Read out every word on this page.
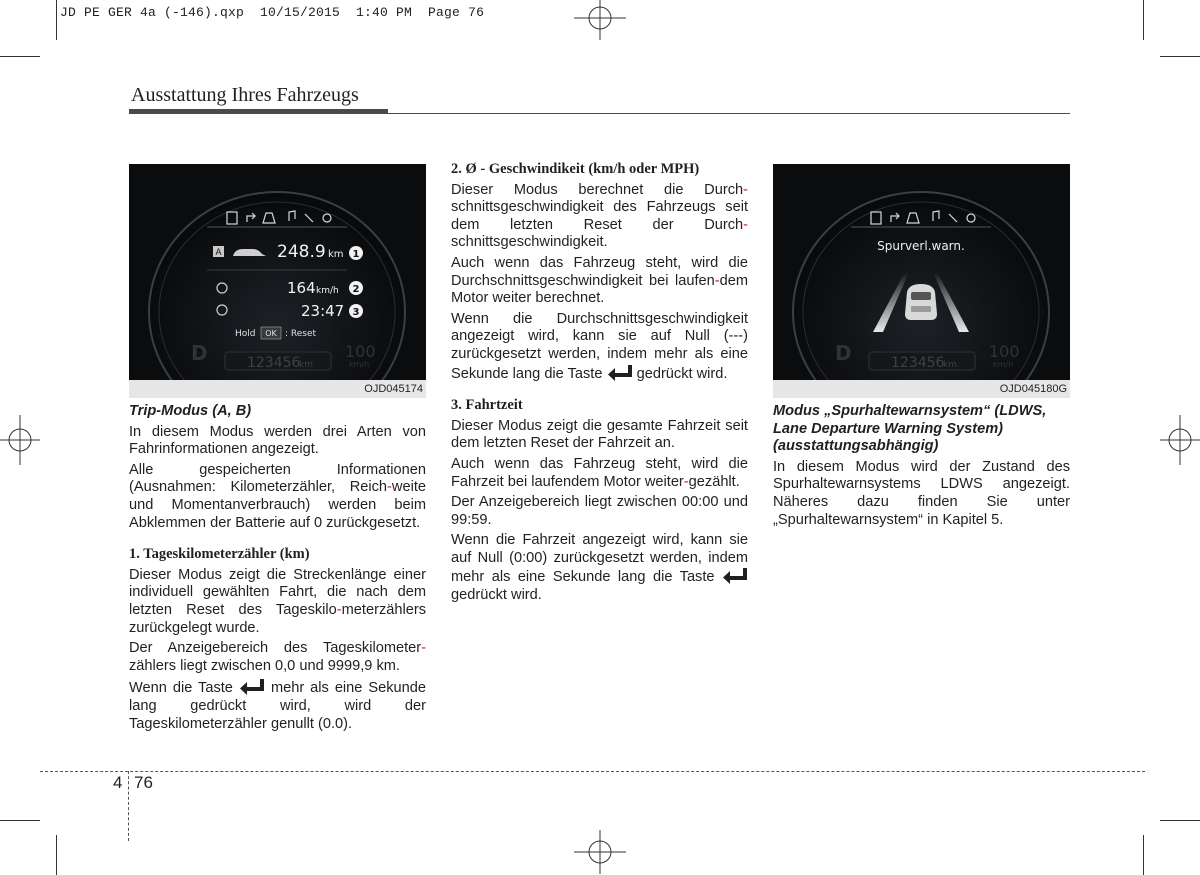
JD PE GER 4a (-146).qxp  10/15/2015  1:40 PM  Page 76
Ausstattung Ihres Fahrzeugs
A	248.9 km 1
164 km/h 2
23:47 3
Hold OK : Reset
D	123456
km
100
km/h
OJD045174
Spurverl.warn.
D	123456
km
100
km/h
OJD045180G

Trip-Modus (A, B)

In diesem Modus werden drei Arten von Fahrinformationen angezeigt.

Alle gespeicherten Informationen (Ausnahmen: Kilometerzähler, Reich-weite und Momentanverbrauch) werden beim Abklemmen der Batterie auf 0 zurückgesetzt.

1. Tageskilometerzähler (km)

Dieser Modus zeigt die Streckenlänge einer individuell gewählten Fahrt, die nach dem letzten Reset des Tageskilo-meterzählers zurückgelegt wurde.

Der Anzeigebereich des Tageskilometer-zählers liegt zwischen 0,0 und 9999,9 km.

Wenn die Taste	mehr als eine Sekunde lang gedrückt wird, wird der Tageskilometerzähler genullt (0.0).

2. Ø - Geschwindikeit (km/h oder MPH)

Dieser Modus berechnet die Durch-schnittsgeschwindigkeit des Fahrzeugs seit dem letzten Reset der Durch-schnittsgeschwindigkeit.

Auch wenn das Fahrzeug steht, wird die Durchschnittsgeschwindigkeit bei laufen-dem Motor weiter berechnet.

Wenn die Durchschnittsgeschwindigkeit angezeigt wird, kann sie auf Null (---) zurückgesetzt werden, indem mehr als eine Sekunde lang die Taste gedrückt wird.

3. Fahrtzeit

Dieser Modus zeigt die gesamte Fahrzeit seit dem letzten Reset der Fahrzeit an.

Auch wenn das Fahrzeug steht, wird die Fahrzeit bei laufendem Motor weiter-gezählt.

Der Anzeigebereich liegt zwischen 00:00 und 99:59.

Wenn die Fahrzeit angezeigt wird, kann sie auf Null (0:00) zurückgesetzt werden, indem mehr als eine Sekunde lang die Taste  gedrückt wird.

Modus „Spurhaltewarnsystem“ (LDWS, Lane Departure Warning System) (ausstattungsabhängig)

In diesem Modus wird der Zustand des Spurhaltewarnsystems LDWS angezeigt. Näheres dazu finden Sie unter „Spurhaltewarnsystem“ in Kapitel 5.

4 76
